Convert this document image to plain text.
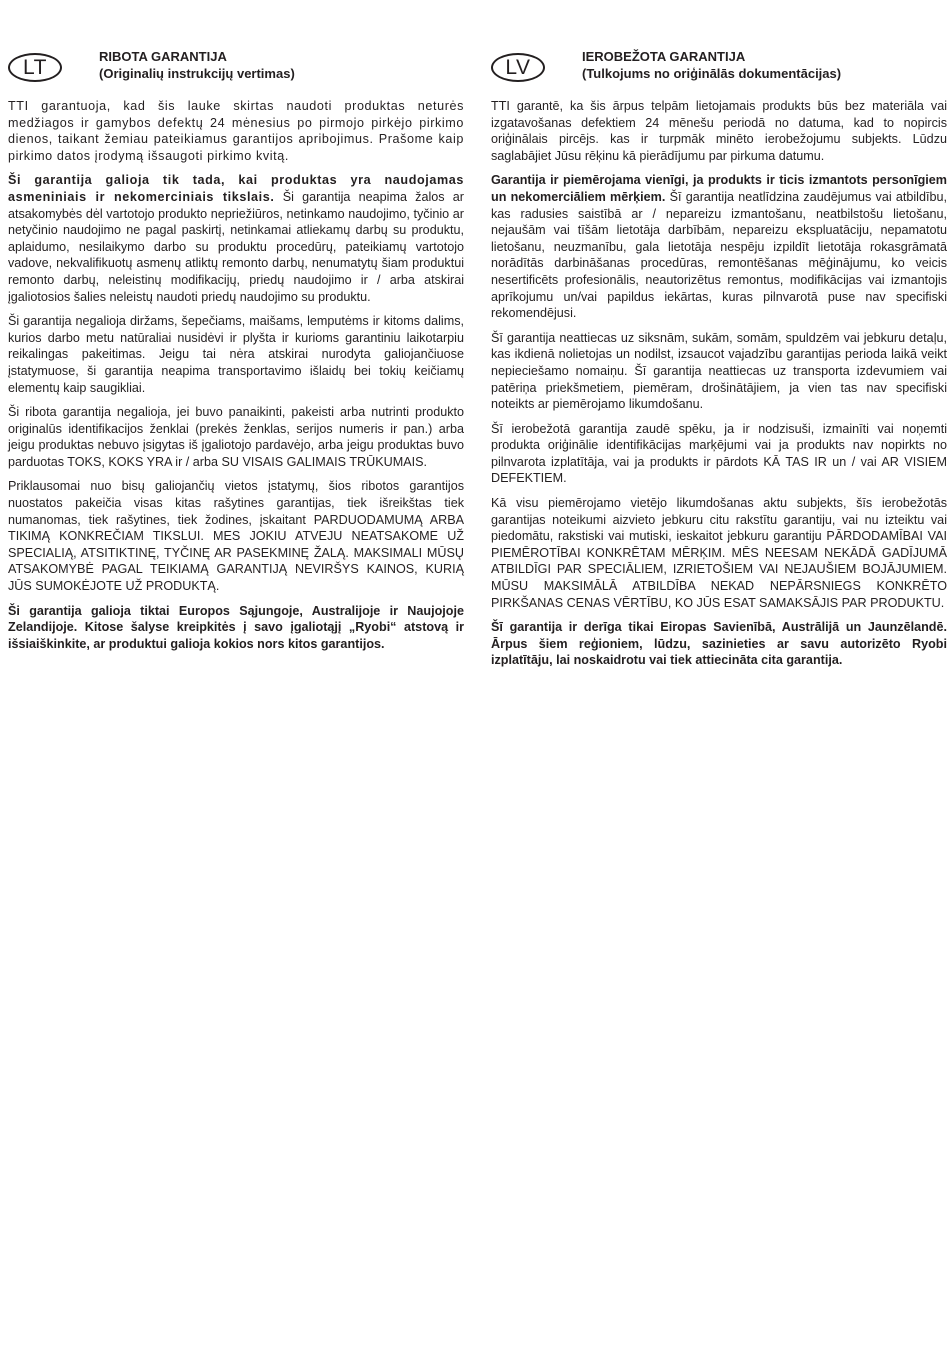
LT	RIBOTA GARANTIJA
(Originalių instrukcijų vertimas)

TTI garantuoja, kad šis lauke skirtas naudoti produktas neturės medžiagos ir gamybos defektų 24 mėnesius po pirmojo pirkėjo pirkimo dienos, taikant žemiau pateikiamus garantijos apribojimus. Prašome kaip pirkimo datos įrodymą išsaugoti pirkimo kvitą.

Ši garantija galioja tik tada, kai produktas yra naudojamas asmeniniais ir nekomerciniais tikslais. Ši garantija neapima žalos ar atsakomybės dėl vartotojo produkto nepriežiūros, netinkamo naudojimo, tyčinio ar netyčinio naudojimo ne pagal paskirtį, netinkamai atliekamų darbų su produktu, aplaidumo, nesilaikymo darbo su produktu procedūrų, pateikiamų vartotojo vadove, nekvalifikuotų asmenų atliktų remonto darbų, nenumatytų šiam produktui remonto darbų, neleistinų modifikacijų, priedų naudojimo ir / arba atskirai įgaliotosios šalies neleistų naudoti priedų naudojimo su produktu.

Ši garantija negalioja diržams, šepečiams, maišams, lemputėms ir kitoms dalims, kurios darbo metu natūraliai nusidėvi ir plyšta ir kurioms garantiniu laikotarpiu reikalingas pakeitimas. Jeigu tai nėra atskirai nurodyta galiojančiuose įstatymuose, ši garantija neapima transportavimo išlaidų bei tokių keičiamų elementų kaip saugikliai.

Ši ribota garantija negalioja, jei buvo panaikinti, pakeisti arba nutrinti produkto originalūs identifikacijos ženklai (prekės ženklas, serijos numeris ir pan.) arba jeigu produktas nebuvo įsigytas iš įgaliotojo pardavėjo, arba jeigu produktas buvo parduotas TOKS, KOKS YRA ir / arba SU VISAIS GALIMAIS TRŪKUMAIS.

Priklausomai nuo bisų galiojančių vietos įstatymų, šios ribotos garantijos nuostatos pakeičia visas kitas rašytines garantijas, tiek išreikštas tiek numanomas, tiek rašytines, tiek žodines, įskaitant PARDUODAMUMĄ ARBA TIKIMĄ KONKREČIAM TIKSLUI. MES JOKIU ATVEJU NEATSAKOME UŽ SPECIALIĄ, ATSITIKTINĘ, TYČINĘ AR PASEKMINĘ ŽALĄ. MAKSIMALI MŪSŲ ATSAKOMYBĖ PAGAL TEIKIAMĄ GARANTIJĄ NEVIRŠYS KAINOS, KURIĄ JŪS SUMOKĖJOTE UŽ PRODUKTĄ.

Ši garantija galioja tiktai Europos Sąjungoje, Australijoje ir Naujojoje Zelandijoje. Kitose šalyse kreipkitės į savo įgaliotąjį „Ryobi“ atstovą ir išsiaiškinkite, ar produktui galioja kokios nors kitos garantijos.

LV	IEROBEŽOTA GARANTIJA
(Tulkojums no oriģinālās dokumentācijas)

TTI garantē, ka šis ārpus telpām lietojamais produkts būs bez materiāla vai izgatavošanas defektiem 24 mēnešu periodā no datuma, kad to nopircis oriģinālais pircējs. kas ir turpmāk minēto ierobežojumu subjekts. Lūdzu saglabājiet Jūsu rēķinu kā pierādījumu par pirkuma datumu.

Garantija ir piemērojama vienīgi, ja produkts ir ticis izmantots personīgiem un nekomerciāliem mērķiem. Šī garantija neatlīdzina zaudējumus vai atbildību, kas radusies saistībā ar / nepareizu izmantošanu, neatbilstošu lietošanu, nejaušām vai tīšām lietotāja darbībām, nepareizu ekspluatāciju, nepamatotu lietošanu, neuzmanību, gala lietotāja nespēju izpildīt lietotāja rokasgrāmatā norādītās darbināšanas procedūras, remontēšanas mēģinājumu, ko veicis nesertificēts profesionālis, neautorizētus remontus, modifikācijas vai izmantojis aprīkojumu un/vai papildus iekārtas, kuras pilnvarotā puse nav specifiski rekomendējusi.

Šī garantija neattiecas uz siksnām, sukām, somām, spuldzēm vai jebkuru detaļu, kas ikdienā nolietojas un nodilst, izsaucot vajadzību garantijas perioda laikā veikt nepieciešamo nomaiņu. Šī garantija neattiecas uz transporta izdevumiem vai patēriņa priekšmetiem, piemēram, drošinātājiem, ja vien tas nav specifiski noteikts ar piemērojamo likumdošanu.

Šī ierobežotā garantija zaudē spēku, ja ir nodzisuši, izmainīti vai noņemti produkta oriģinālie identifikācijas marķējumi vai ja produkts nav nopirkts no pilnvarota izplatītāja, vai ja produkts ir pārdots KĀ TAS IR un / vai AR VISIEM DEFEKTIEM.

Kā visu piemērojamo vietējo likumdošanas aktu subjekts, šīs ierobežotās garantijas noteikumi aizvieto jebkuru citu rakstītu garantiju, vai nu izteiktu vai piedomātu, rakstiski vai mutiski, ieskaitot jebkuru garantiju PĀRDODAMĪBAI VAI PIEMĒROTĪBAI KONKRĒTAM MĒRĶIM. MĒS NEESAM NEKĀDĀ GADĪJUMĀ ATBILDĪGI PAR SPECIĀLIEM, IZRIETOŠIEM VAI NEJAUŠIEM BOJĀJUMIEM. MŪSU MAKSIMĀLĀ ATBILDĪBA NEKAD NEPĀRSNIEGS KONKRĒTO PIRKŠANAS CENAS VĒRTĪBU, KO JŪS ESAT SAMAKSĀJIS PAR PRODUKTU.

Šī garantija ir derīga tikai Eiropas Savienībā, Austrālijā un Jaunzēlandē. Ārpus šiem reģioniem, lūdzu, sazinieties ar savu autorizēto Ryobi izplatītāju, lai noskaidrotu vai tiek attiecināta cita garantija.
